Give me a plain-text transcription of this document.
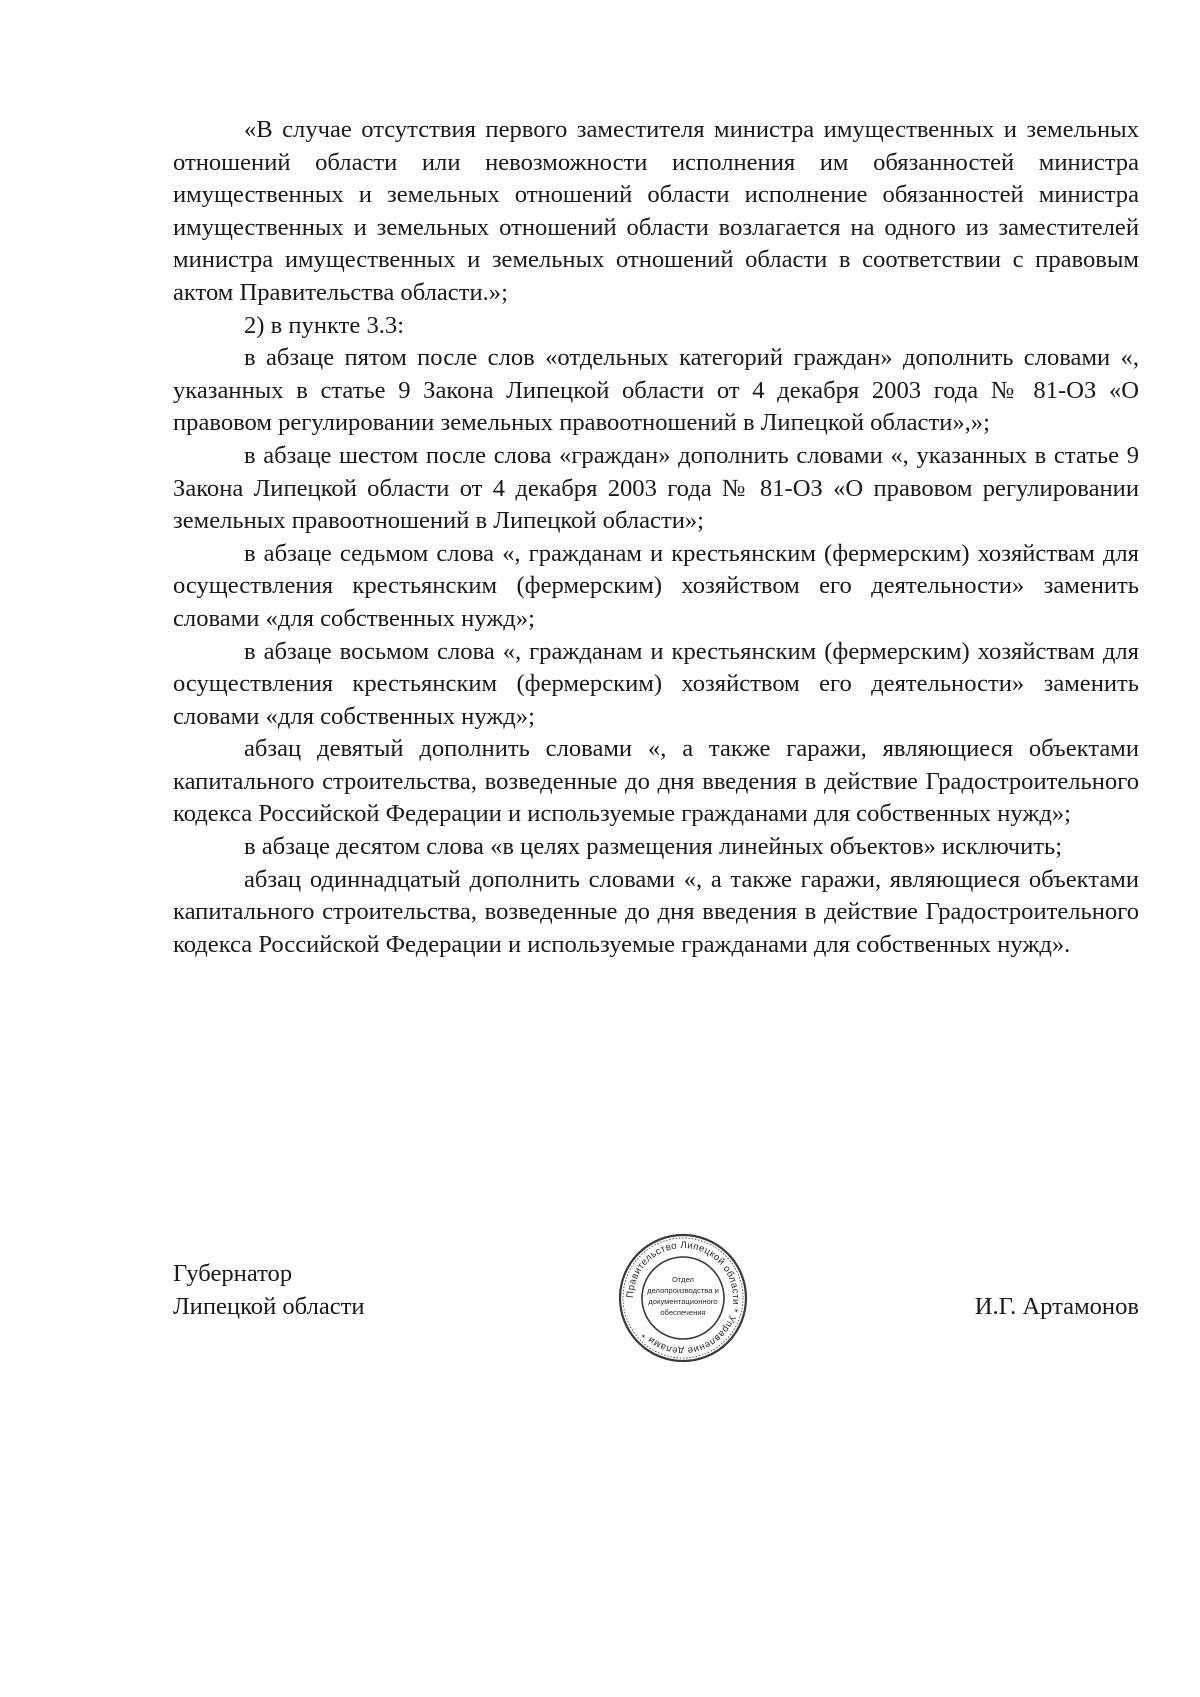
«В случае отсутствия первого заместителя министра имущественных и земельных отношений области или невозможности исполнения им обязанностей министра имущественных и земельных отношений области исполнение обязанностей министра имущественных и земельных отношений области возлагается на одного из заместителей министра имущественных и земельных отношений области в соответствии с правовым актом Правительства области.»;

2) в пункте 3.3:

в абзаце пятом после слов «отдельных категорий граждан» дополнить словами «, указанных в статье 9 Закона Липецкой области от 4 декабря 2003 года № 81-ОЗ «О правовом регулировании земельных правоотношений в Липецкой области»,»;

в абзаце шестом после слова «граждан» дополнить словами «, указанных в статье 9 Закона Липецкой области от 4 декабря 2003 года № 81-ОЗ «О правовом регулировании земельных правоотношений в Липецкой области»;

в абзаце седьмом слова «, гражданам и крестьянским (фермерским) хозяйствам для осуществления крестьянским (фермерским) хозяйством его деятельности» заменить словами «для собственных нужд»;

в абзаце восьмом слова «, гражданам и крестьянским (фермерским) хозяйствам для осуществления крестьянским (фермерским) хозяйством его деятельности» заменить словами «для собственных нужд»;

абзац девятый дополнить словами «, а также гаражи, являющиеся объектами капитального строительства, возведенные до дня введения в действие Градостроительного кодекса Российской Федерации и используемые гражданами для собственных нужд»;

в абзаце десятом слова «в целях размещения линейных объектов» исключить;

абзац одиннадцатый дополнить словами «, а также гаражи, являющиеся объектами капитального строительства, возведенные до дня введения в действие Градостроительного кодекса Российской Федерации и используемые гражданами для собственных нужд».

Губернатор
Липецкой области	Правительство Липецкой области * Управление делами *
Отдел
делопроизводства и
документационного
обеспечения	И.Г. Артамонов
